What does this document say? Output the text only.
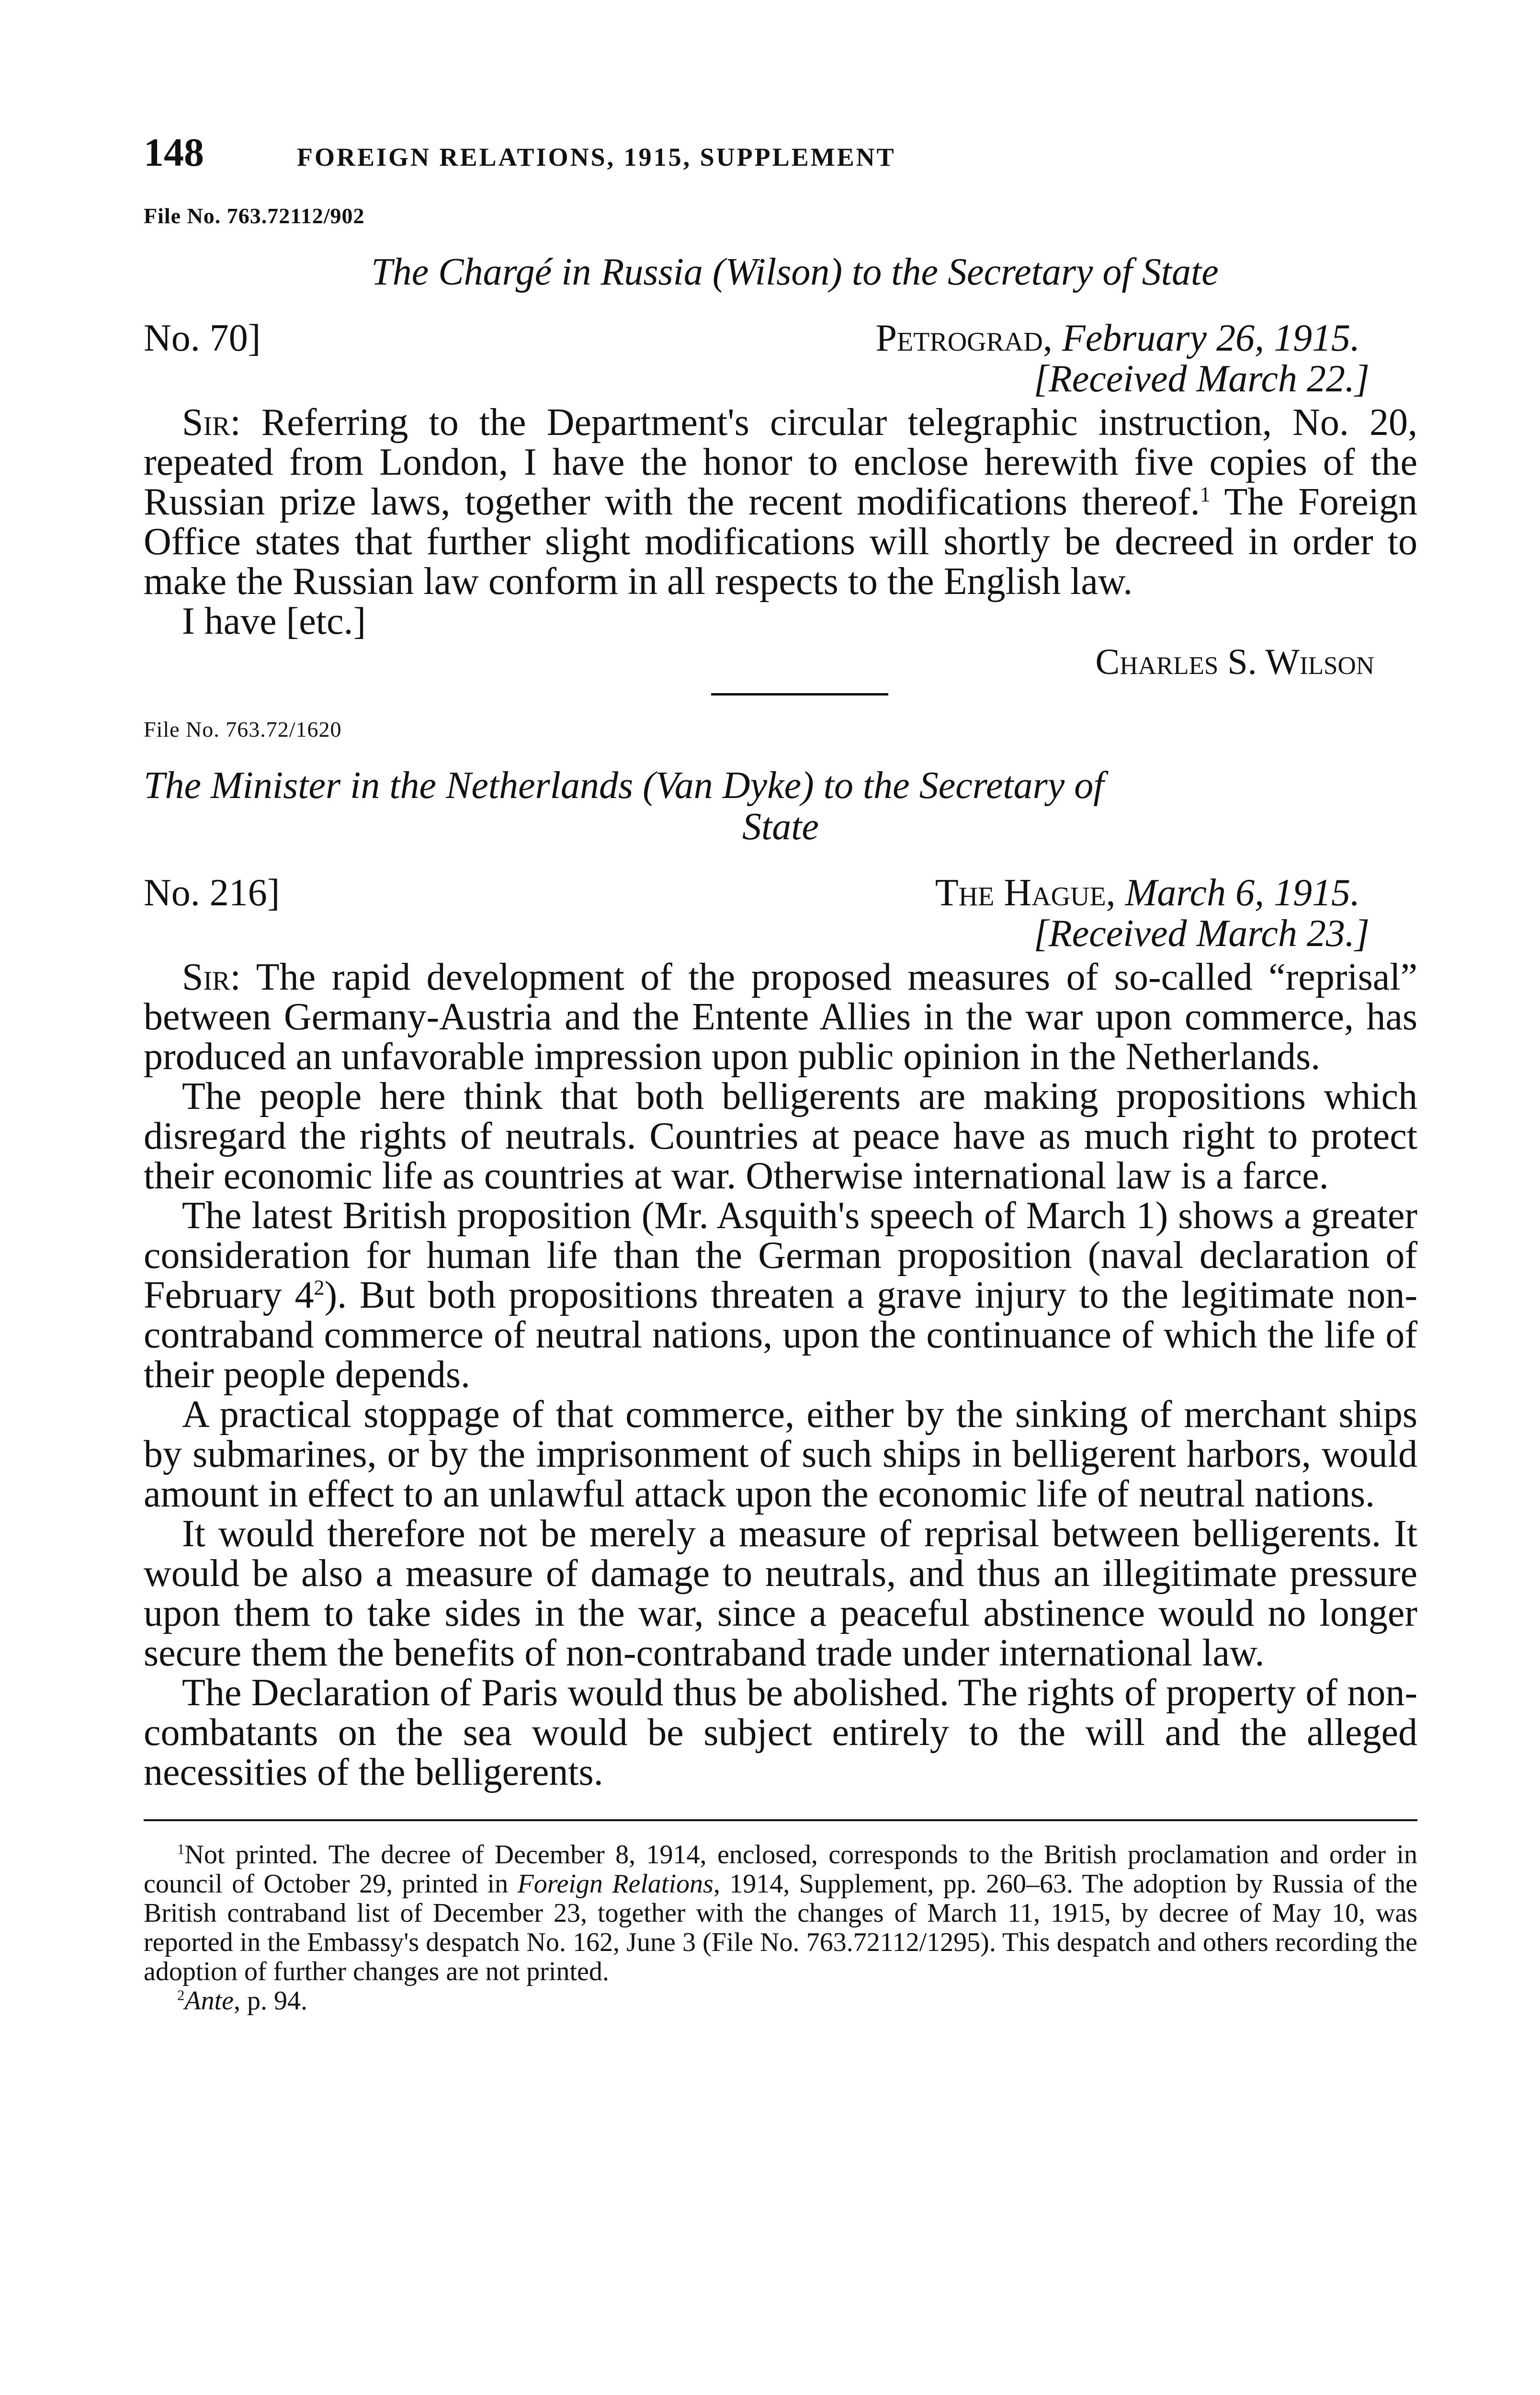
148	FOREIGN RELATIONS, 1915, SUPPLEMENT
File No. 763.72112/902
The Chargé in Russia (Wilson) to the Secretary of State
No. 70]	Petrograd, February 26, 1915.
[Received March 22.]

Sir: Referring to the Department's circular telegraphic instruction, No. 20, repeated from London, I have the honor to enclose herewith five copies of the Russian prize laws, together with the recent modifications thereof.$^1$ The Foreign Office states that further slight modifications will shortly be decreed in order to make the Russian law conform in all respects to the English law.

I have [etc.]

Charles S. Wilson
File No. 763.72/1620
The Minister in the Netherlands (Van Dyke) to the Secretary of
State
No. 216]	The Hague, March 6, 1915.
[Received March 23.]

Sir: The rapid development of the proposed measures of so-called “reprisal” between Germany-Austria and the Entente Allies in the war upon commerce, has produced an unfavorable impression upon public opinion in the Netherlands.

The people here think that both belligerents are making propositions which disregard the rights of neutrals. Countries at peace have as much right to protect their economic life as countries at war. Otherwise international law is a farce.

The latest British proposition (Mr. Asquith's speech of March 1) shows a greater consideration for human life than the German proposition (naval declaration of February $4^2$). But both propositions threaten a grave injury to the legitimate non-contraband commerce of neutral nations, upon the continuance of which the life of their people depends.

A practical stoppage of that commerce, either by the sinking of merchant ships by submarines, or by the imprisonment of such ships in belligerent harbors, would amount in effect to an unlawful attack upon the economic life of neutral nations.

It would therefore not be merely a measure of reprisal between belligerents. It would be also a measure of damage to neutrals, and thus an illegitimate pressure upon them to take sides in the war, since a peaceful abstinence would no longer secure them the benefits of non-contraband trade under international law.

The Declaration of Paris would thus be abolished. The rights of property of non-combatants on the sea would be subject entirely to the will and the alleged necessities of the belligerents.

$^1$Not printed. The decree of December 8, 1914, enclosed, corresponds to the British proclamation and order in council of October 29, printed in Foreign Relations, 1914, Supplement, pp. 260–63. The adoption by Russia of the British contraband list of December 23, together with the changes of March 11, 1915, by decree of May 10, was reported in the Embassy's despatch No. 162, June 3 (File No. 763.72112/1295). This despatch and others recording the adoption of further changes are not printed.

$^2$Ante, p. 94.
